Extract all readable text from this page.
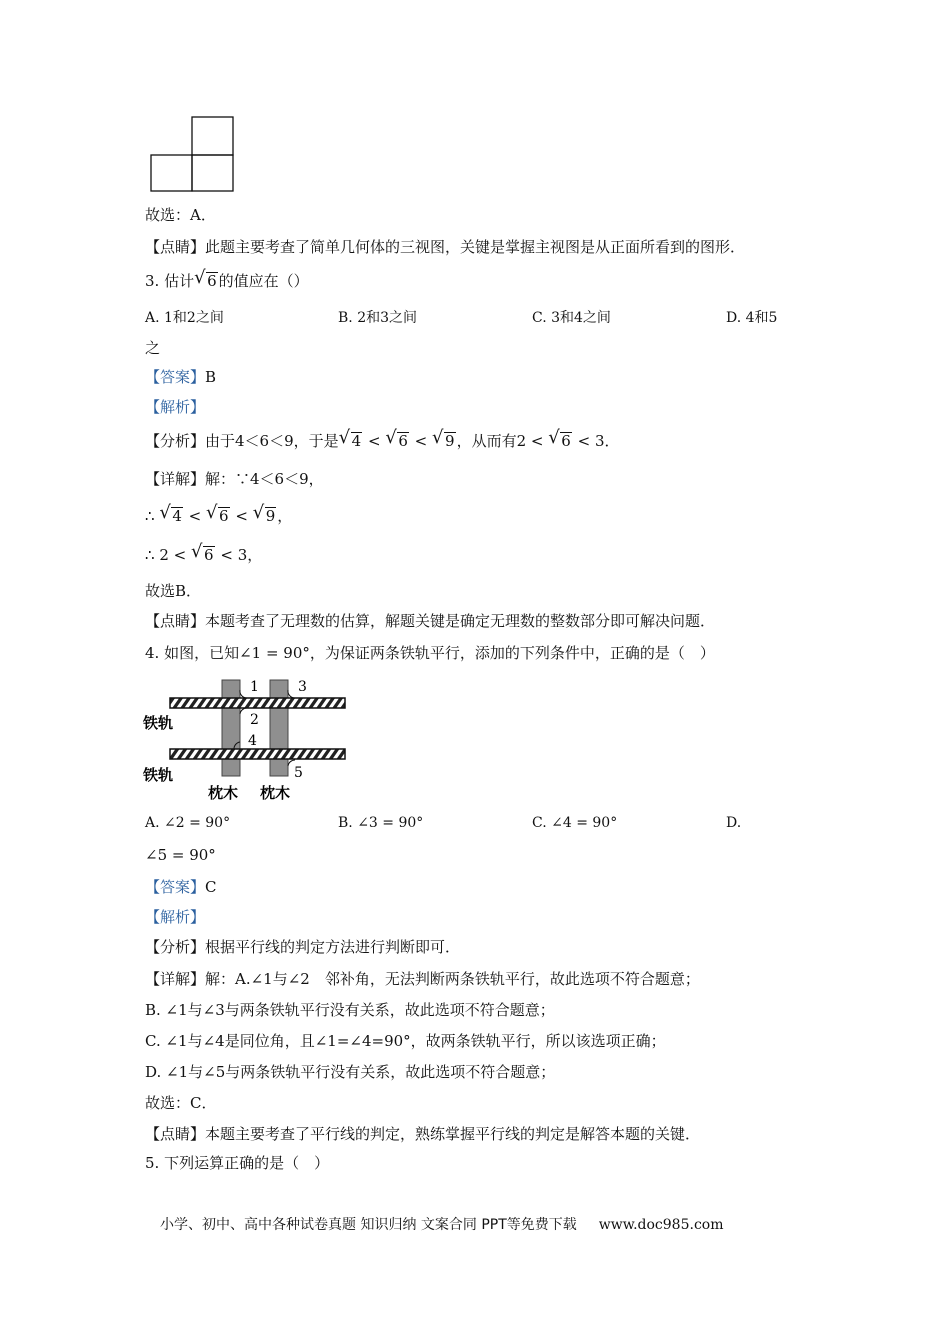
故选：A．
【点睛】此题主要考查了简单几何体的三视图，关键是掌握主视图是从正面所看到的图形．
3. 估计 √ 6 的值应在（）
A. 1和2之间	B. 2和3之间	C. 3和4之间	D. 4和5
之
【答案】B
【解析】
【分析】由于4＜6＜9，于是 √ 4 < √ 6 < √ 9 ，从而有2 < √ 6 < 3．
【详解】解：∵4＜6＜9，
∴ √ 4 < √ 6 < √ 9 ，
∴ 2 < √ 6 < 3，
故选B．
【点睛】本题考查了无理数的估算，解题关键是确定无理数的整数部分即可解决问题．
4. 如图，已知∠1 = 90°，为保证两条铁轨平行，添加的下列条件中，正确的是（　）
1
2
3
4
5
铁轨
铁轨
枕木 枕木
A. ∠2 = 90°	B. ∠3 = 90°	C. ∠4 = 90°	D.
∠5 = 90°
【答案】C
【解析】
【分析】根据平行线的判定方法进行判断即可．
【详解】解：A.∠1与∠2　邻补角，无法判断两条铁轨平行，故此选项不符合题意；
B. ∠1与∠3与两条铁轨平行没有关系，故此选项不符合题意；
C. ∠1与∠4是同位角，且∠1=∠4=90°，故两条铁轨平行，所以该选项正确；
D. ∠1与∠5与两条铁轨平行没有关系，故此选项不符合题意；
故选：C．
【点睛】本题主要考查了平行线的判定，熟练掌握平行线的判定是解答本题的关键．
5. 下列运算正确的是（　）
小学、初中、高中各种试卷真题 知识归纳 文案合同 PPT等免费下载 www.doc985.com
